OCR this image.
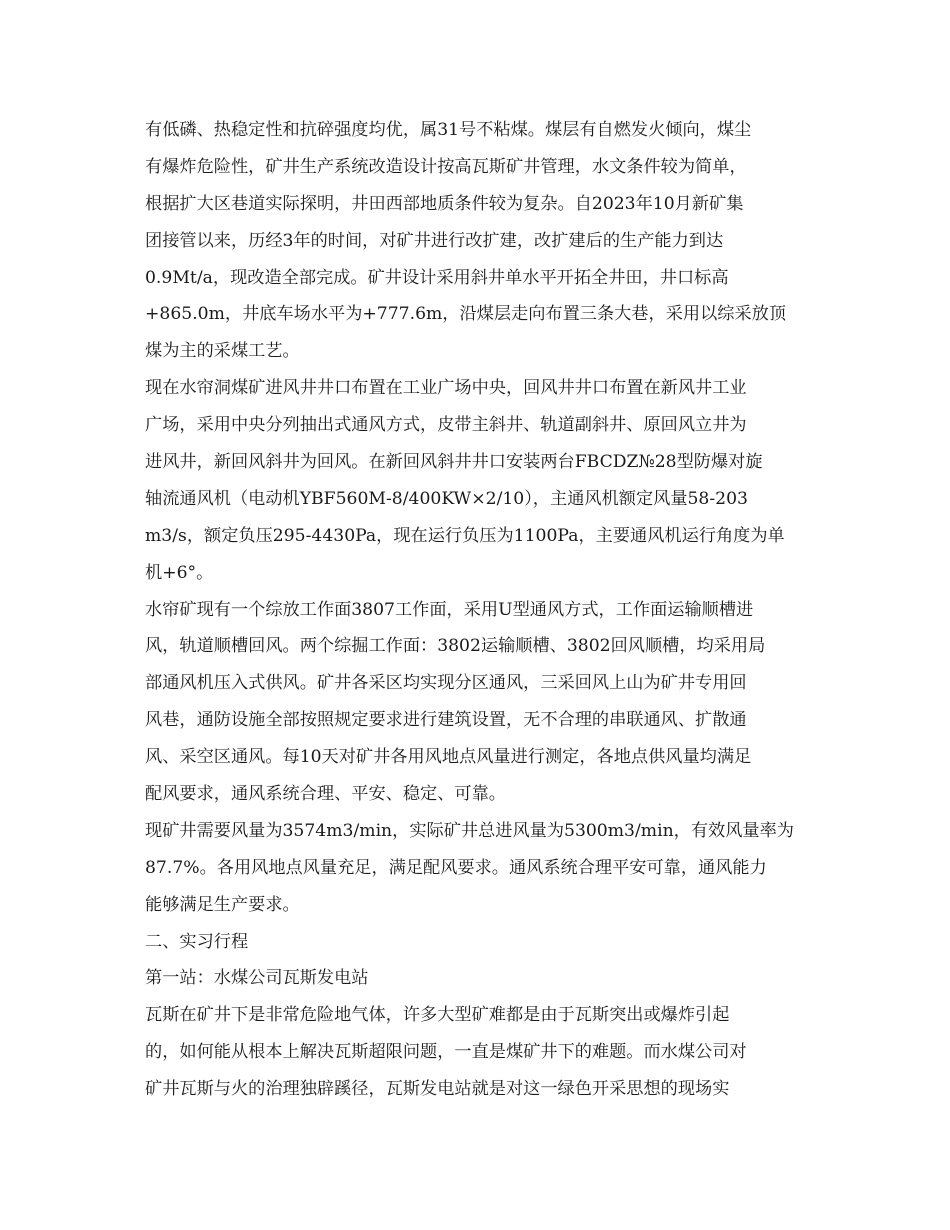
有低磷、热稳定性和抗碎强度均优，属31号不粘煤。煤层有自燃发火倾向，煤尘
有爆炸危险性，矿井生产系统改造设计按高瓦斯矿井管理，水文条件较为简单，
根据扩大区巷道实际探明，井田西部地质条件较为复杂。自2023年10月新矿集
团接管以来，历经3年的时间，对矿井进行改扩建，改扩建后的生产能力到达
0.9Mt/a，现改造全部完成。矿井设计采用斜井单水平开拓全井田，井口标高
+865.0m，井底车场水平为+777.6m，沿煤层走向布置三条大巷，采用以综采放顶
煤为主的采煤工艺。
现在水帘洞煤矿进风井井口布置在工业广场中央，回风井井口布置在新风井工业
广场，采用中央分列抽出式通风方式，皮带主斜井、轨道副斜井、原回风立井为
进风井，新回风斜井为回风。在新回风斜井井口安装两台FBCDZ№28型防爆对旋
轴流通风机（电动机YBF560M-8/400KW×2/10），主通风机额定风量58-203
m3/s，额定负压295-4430Pa，现在运行负压为1100Pa，主要通风机运行角度为单
机+6°。
水帘矿现有一个综放工作面3807工作面，采用U型通风方式，工作面运输顺槽进
风，轨道顺槽回风。两个综掘工作面：3802运输顺槽、3802回风顺槽，均采用局
部通风机压入式供风。矿井各采区均实现分区通风，三采回风上山为矿井专用回
风巷，通防设施全部按照规定要求进行建筑设置，无不合理的串联通风、扩散通
风、采空区通风。每10天对矿井各用风地点风量进行测定，各地点供风量均满足
配风要求，通风系统合理、平安、稳定、可靠。
现矿井需要风量为3574m3/min，实际矿井总进风量为5300m3/min，有效风量率为
87.7%。各用风地点风量充足，满足配风要求。通风系统合理平安可靠，通风能力
能够满足生产要求。
二、实习行程
第一站：水煤公司瓦斯发电站
瓦斯在矿井下是非常危险地气体，许多大型矿难都是由于瓦斯突出或爆炸引起
的，如何能从根本上解决瓦斯超限问题，一直是煤矿井下的难题。而水煤公司对
矿井瓦斯与火的治理独辟蹊径，瓦斯发电站就是对这一绿色开采思想的现场实
